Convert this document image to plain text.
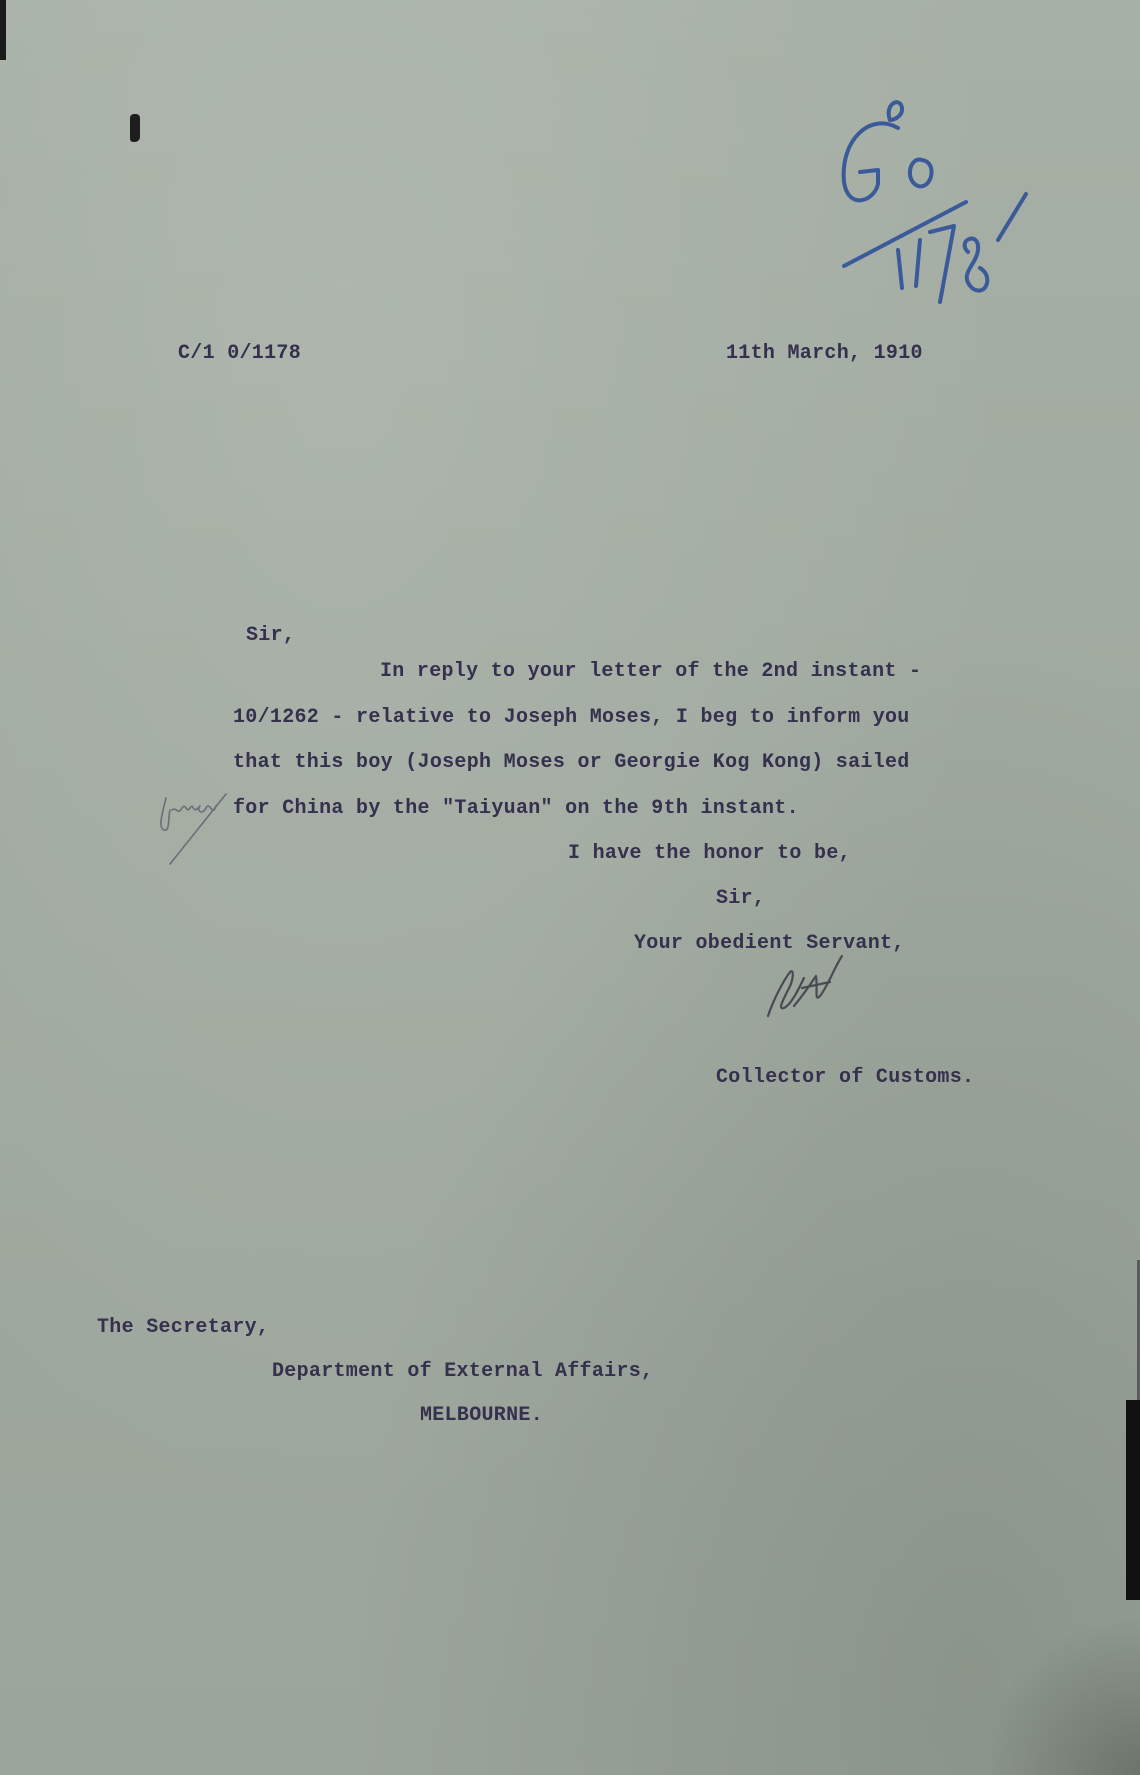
C/1 0/1178	11th March, 1910

Sir,

In reply to your letter of the 2nd instant -

10/1262 - relative to Joseph Moses, I beg to inform you

that this boy (Joseph Moses or Georgie Kog Kong) sailed

for China by the "Taiyuan" on the 9th instant.

I have the honor to be,

Sir,

Your obedient Servant,

Collector of Customs.

The Secretary,

Department of External Affairs,

MELBOURNE.
